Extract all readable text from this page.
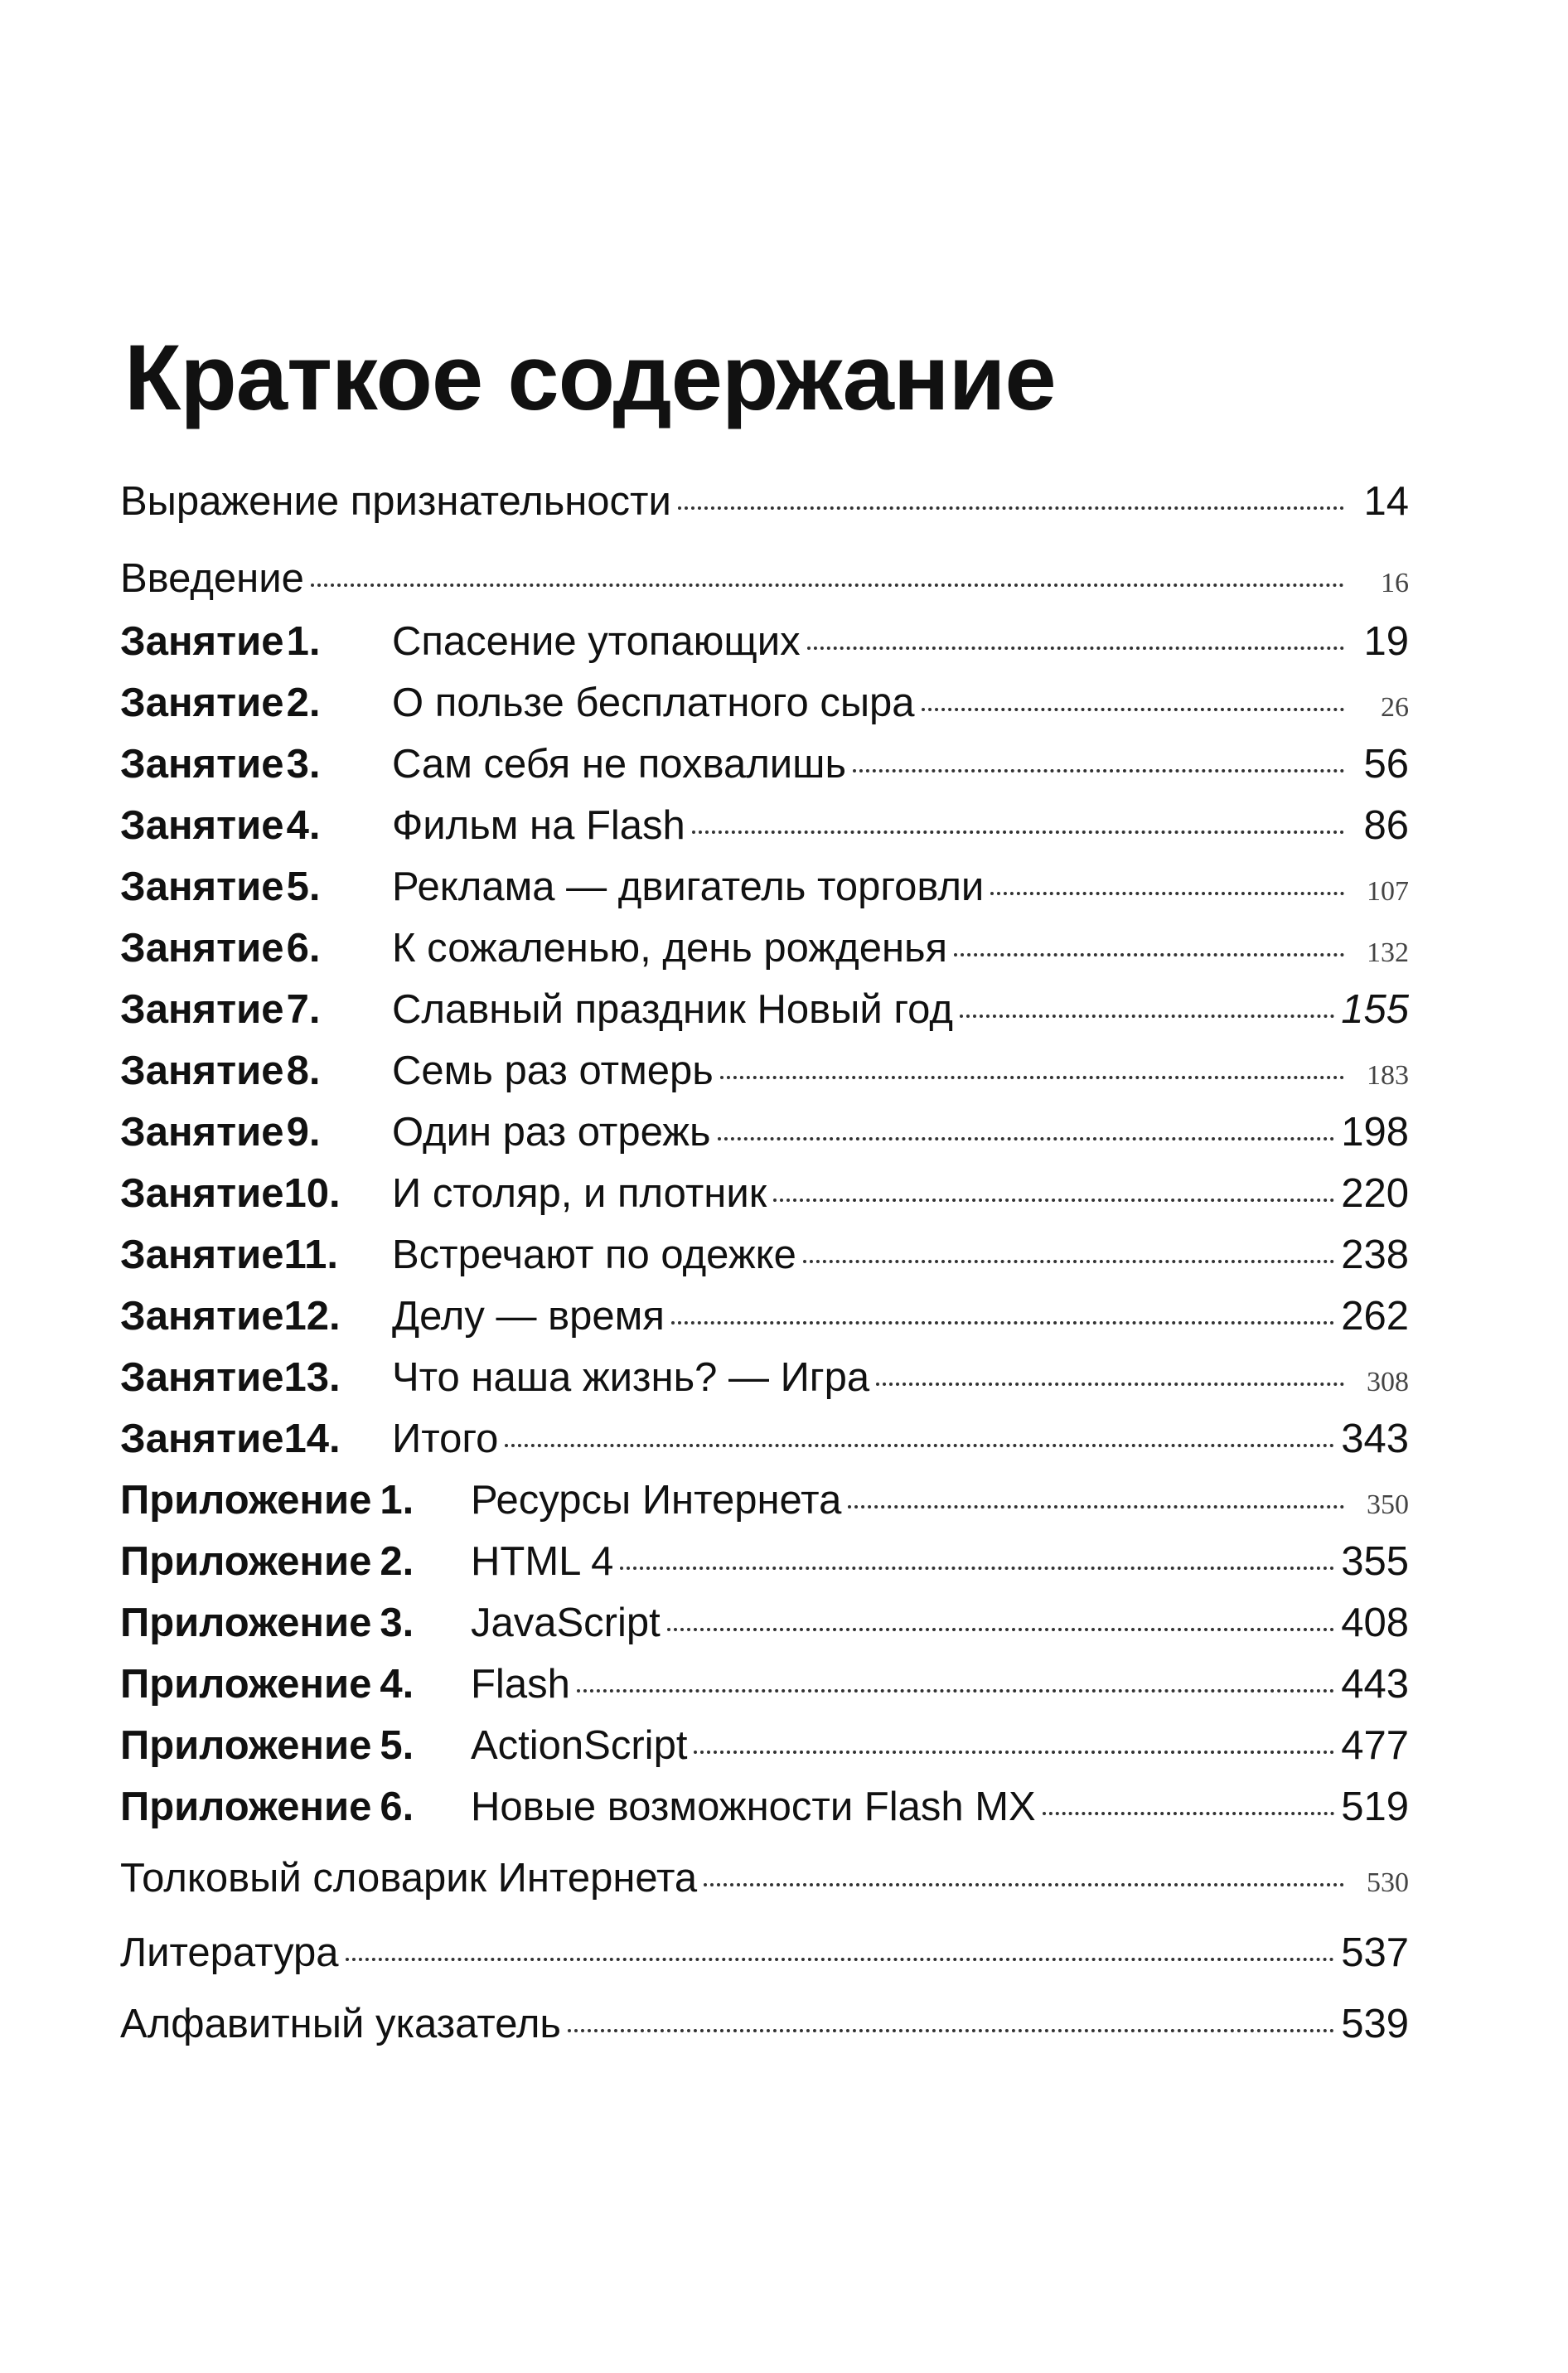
Краткое содержание
Выражение признательности	14
Введение	16
Занятие1.	Спасение утопающих	19
Занятие2.	О пользе бесплатного сыра	26
Занятие3.	Сам себя не похвалишь	56
Занятие4.	Фильм на Flash	86
Занятие5.	Реклама — двигатель торговли	107
Занятие6.	К сожаленью, день рожденья	132
Занятие7.	Славный праздник Новый год	155
Занятие8.	Семь раз отмерь	183
Занятие9.	Один раз отрежь	198
Занятие10.	И столяр, и плотник	220
Занятие11.	Встречают по одежке	238
Занятие12.	Делу — время	262
Занятие13.	Что наша жизнь? — Игра	308
Занятие14.	Итого	343
Приложение 1.	Ресурсы Интернета	350
Приложение 2.	HTML 4	355
Приложение 3.	JavaScript	408
Приложение 4.	Flash	443
Приложение 5.	ActionScript	477
Приложение 6.	Новые возможности Flash MX	519
Толковый словарик Интернета	530
Литература	537
Алфавитный указатель	539
